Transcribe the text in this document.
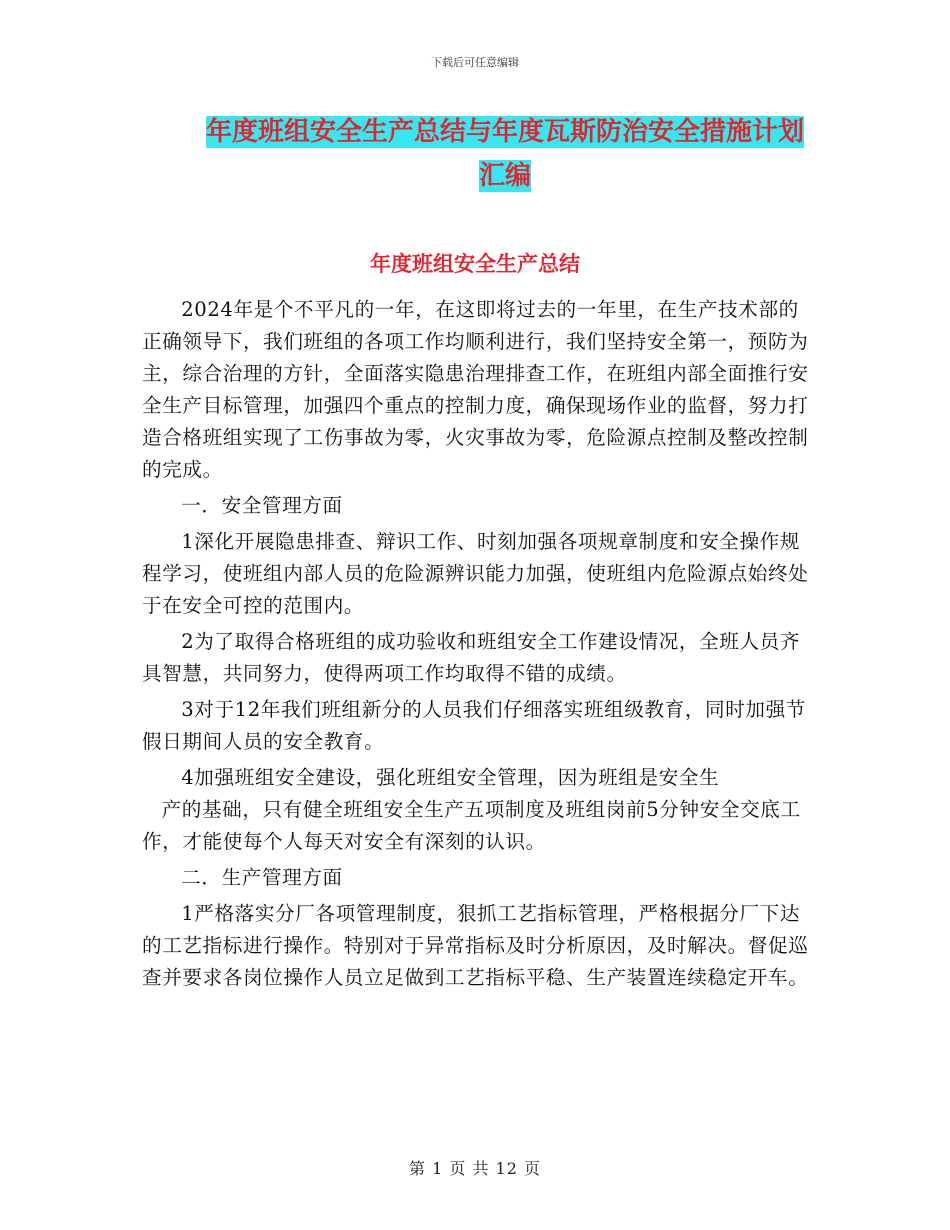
下载后可任意编辑
年度班组安全生产总结与年度瓦斯防治安全措施计划
汇编
年度班组安全生产总结

2024年是个不平凡的一年，在这即将过去的一年里，在生产技术部的正确领导下，我们班组的各项工作均顺利进行，我们坚持安全第一，预防为主，综合治理的方针，全面落实隐患治理排查工作，在班组内部全面推行安全生产目标管理，加强四个重点的控制力度，确保现场作业的监督，努力打造合格班组实现了工伤事故为零，火灾事故为零，危险源点控制及整改控制的完成。

一．安全管理方面

1深化开展隐患排查、辩识工作、时刻加强各项规章制度和安全操作规程学习，使班组内部人员的危险源辨识能力加强，使班组内危险源点始终处于在安全可控的范围内。

2为了取得合格班组的成功验收和班组安全工作建设情况，全班人员齐具智慧，共同努力，使得两项工作均取得不错的成绩。

3对于12年我们班组新分的人员我们仔细落实班组级教育，同时加强节假日期间人员的安全教育。

4加强班组安全建设，强化班组安全管理，因为班组是安全生

产的基础，只有健全班组安全生产五项制度及班组岗前5分钟安全交底工作，才能使每个人每天对安全有深刻的认识。

二．生产管理方面

1严格落实分厂各项管理制度，狠抓工艺指标管理，严格根据分厂下达的工艺指标进行操作。特别对于异常指标及时分析原因，及时解决。督促巡查并要求各岗位操作人员立足做到工艺指标平稳、生产装置连续稳定开车。

第 1 页 共 12 页
